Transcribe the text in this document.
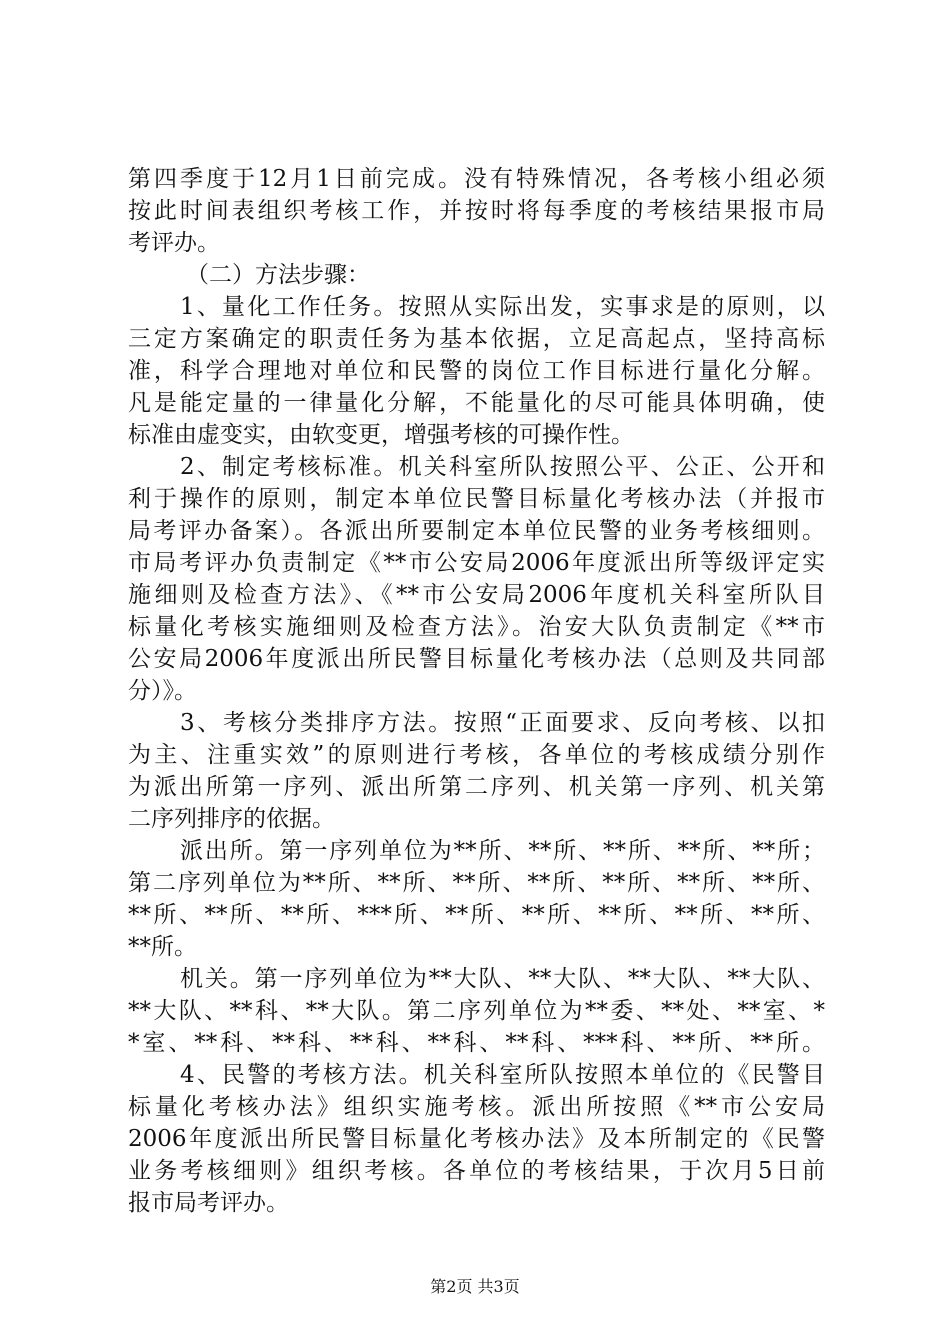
第四季度于12月1日前完成。没有特殊情况，各考核小组必须
按此时间表组织考核工作，并按时将每季度的考核结果报市局
考评办。
（二）方法步骤：
1、量化工作任务。按照从实际出发，实事求是的原则，以
三定方案确定的职责任务为基本依据，立足高起点，坚持高标
准，科学合理地对单位和民警的岗位工作目标进行量化分解。
凡是能定量的一律量化分解，不能量化的尽可能具体明确，使
标准由虚变实，由软变更，增强考核的可操作性。
2、制定考核标准。机关科室所队按照公平、公正、公开和
利于操作的原则，制定本单位民警目标量化考核办法（并报市
局考评办备案）。各派出所要制定本单位民警的业务考核细则。
市局考评办负责制定《**市公安局2006年度派出所等级评定实
施细则及检查方法》、《**市公安局2006年度机关科室所队目
标量化考核实施细则及检查方法》。治安大队负责制定《**市
公安局2006年度派出所民警目标量化考核办法（总则及共同部
分）》。
3、考核分类排序方法。按照“正面要求、反向考核、以扣
为主、注重实效”的原则进行考核，各单位的考核成绩分别作
为派出所第一序列、派出所第二序列、机关第一序列、机关第
二序列排序的依据。
派出所。第一序列单位为**所、**所、**所、**所、**所；
第二序列单位为**所、**所、**所、**所、**所、**所、**所、
**所、**所、**所、***所、**所、**所、**所、**所、**所、
**所。
机关。第一序列单位为**大队、**大队、**大队、**大队、
**大队、**科、**大队。第二序列单位为**委、**处、**室、*
*室、**科、**科、**科、**科、**科、***科、**所、**所。
4、民警的考核方法。机关科室所队按照本单位的《民警目
标量化考核办法》组织实施考核。派出所按照《**市公安局
2006年度派出所民警目标量化考核办法》及本所制定的《民警
业务考核细则》组织考核。各单位的考核结果，于次月5日前
报市局考评办。
第2页 共3页
